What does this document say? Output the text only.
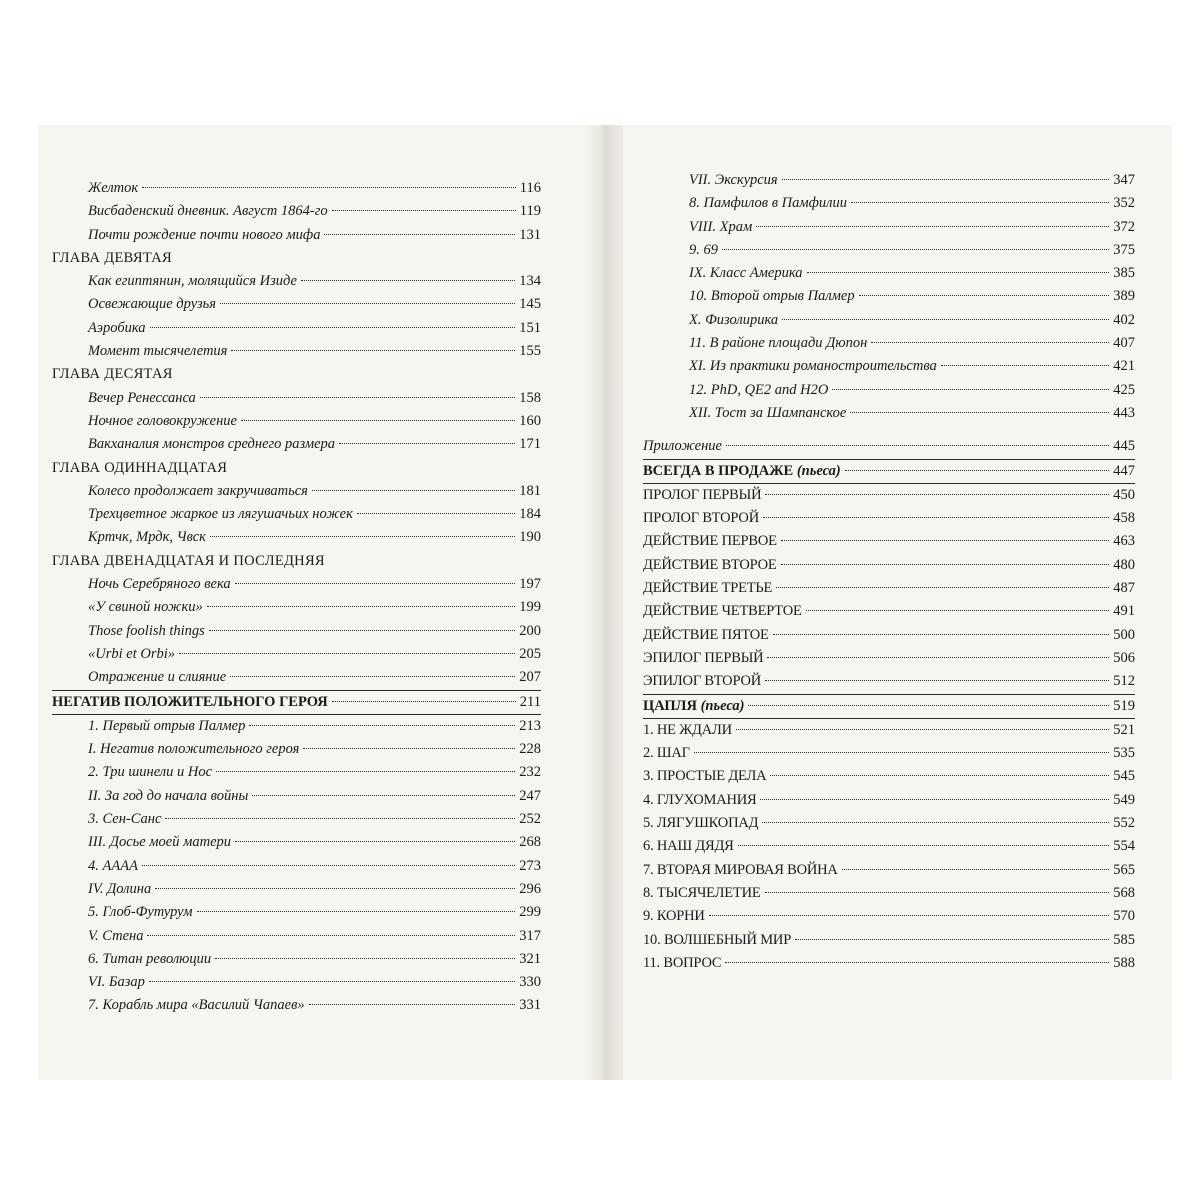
Желток	116
Висбаденский дневник. Август 1864-го	119
Почти рождение почти нового мифа	131
ГЛАВА ДЕВЯТАЯ
Как египтянин, молящийся Изиде	134
Освежающие друзья	145
Аэробика	151
Момент тысячелетия	155
ГЛАВА ДЕСЯТАЯ
Вечер Ренессанса	158
Ночное головокружение	160
Вакханалия монстров среднего размера	171
ГЛАВА ОДИННАДЦАТАЯ
Колесо продолжает закручиваться	181
Трехцветное жаркое из лягушачьих ножек	184
Кртчк, Мрдк, Чвск	190
ГЛАВА ДВЕНАДЦАТАЯ И ПОСЛЕДНЯЯ
Ночь Серебряного века	197
«У свиной ножки»	199
Those foolish things	200
«Urbi et Orbi»	205
Отражение и слияние	207
НЕГАТИВ ПОЛОЖИТЕЛЬНОГО ГЕРОЯ	211
1. Первый отрыв Палмер	213
I. Негатив положительного героя	228
2. Три шинели и Нос	232
II. За год до начала войны	247
3. Сен-Санс	252
III. Досье моей матери	268
4. АААА	273
IV. Долина	296
5. Глоб-Футурум	299
V. Стена	317
6. Титан революции	321
VI. Базар	330
7. Корабль мира «Василий Чапаев»	331
VII. Экскурсия	347
8. Памфилов в Памфилии	352
VIII. Храм	372
9. 69	375
IX. Класс Америка	385
10. Второй отрыв Палмер	389
X. Физолирика	402
11. В районе площади Дюпон	407
XI. Из практики романостроительства	421
12. PhD, QE2 and H2O	425
XII. Тост за Шампанское	443
Приложение	445
ВСЕГДА В ПРОДАЖЕ (пьеса)	447
ПРОЛОГ ПЕРВЫЙ	450
ПРОЛОГ ВТОРОЙ	458
ДЕЙСТВИЕ ПЕРВОЕ	463
ДЕЙСТВИЕ ВТОРОЕ	480
ДЕЙСТВИЕ ТРЕТЬЕ	487
ДЕЙСТВИЕ ЧЕТВЕРТОЕ	491
ДЕЙСТВИЕ ПЯТОЕ	500
ЭПИЛОГ ПЕРВЫЙ	506
ЭПИЛОГ ВТОРОЙ	512
ЦАПЛЯ (пьеса)	519
1. НЕ ЖДАЛИ	521
2. ШАГ	535
3. ПРОСТЫЕ ДЕЛА	545
4. ГЛУХОМАНИЯ	549
5. ЛЯГУШКОПАД	552
6. НАШ ДЯДЯ	554
7. ВТОРАЯ МИРОВАЯ ВОЙНА	565
8. ТЫСЯЧЕЛЕТИЕ	568
9. КОРНИ	570
10. ВОЛШЕБНЫЙ МИР	585
11. ВОПРОС	588
